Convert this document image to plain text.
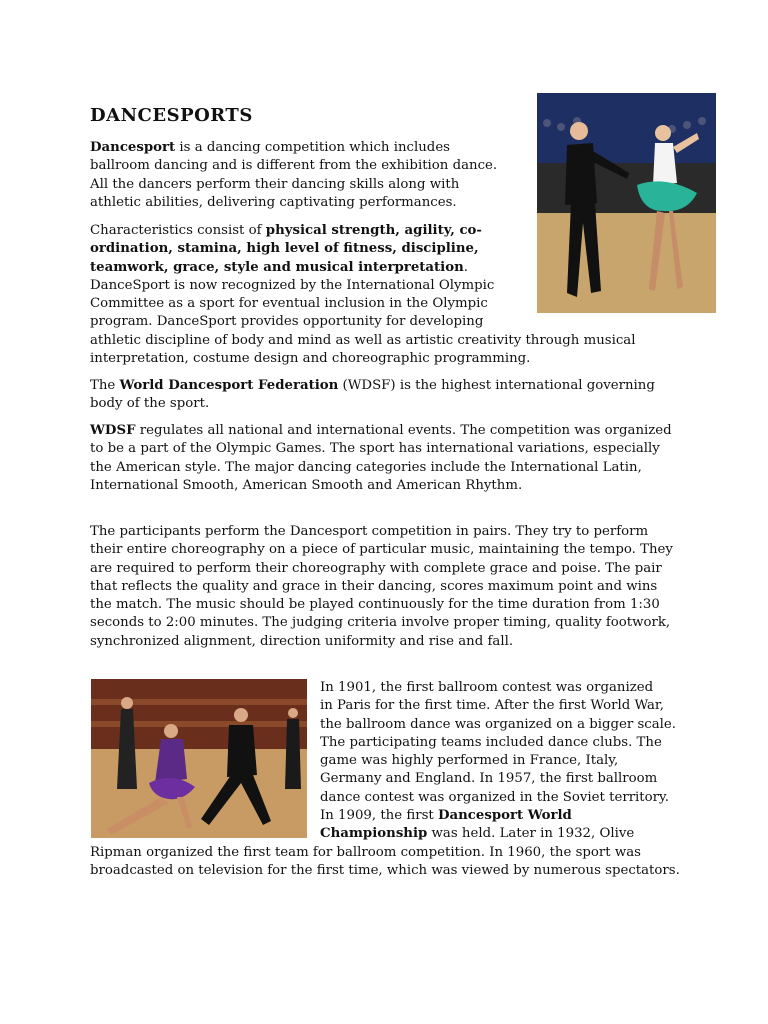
DANCESPORTS

Dancesport is a dancing competition which includes ballroom dancing and is different from the exhibition dance. All the dancers perform their dancing skills along with athletic abilities, delivering captivating performances.

Characteristics consist of physical strength, agility, co-ordination, stamina, high level of fitness, discipline, teamwork, grace, style and musical interpretation. DanceSport is now recognized by the International Olympic Committee as a sport for eventual inclusion in the Olympic program. DanceSport provides opportunity for developing athletic discipline of body and mind as well as artistic creativity through musical interpretation, costume design and choreographic programming.

The World Dancesport Federation (WDSF) is the highest international governing body of the sport.

WDSF regulates all national and international events. The competition was organized to be a part of the Olympic Games. The sport has international variations, especially the American style. The major dancing categories include the International Latin, International Smooth, American Smooth and American Rhythm.

The participants perform the Dancesport competition in pairs. They try to perform their entire choreography on a piece of particular music, maintaining the tempo. They are required to perform their choreography with complete grace and poise. The pair that reflects the quality and grace in their dancing, scores maximum point and wins the match. The music should be played continuously for the time duration from 1:30 seconds to 2:00 minutes. The judging criteria involve proper timing, quality footwork, synchronized alignment, direction uniformity and rise and fall.

In 1901, the first ballroom contest was organized in Paris for the first time. After the first World War, the ballroom dance was organized on a bigger scale. The participating teams included dance clubs. The game was highly performed in France, Italy, Germany and England. In 1957, the first ballroom dance contest was organized in the Soviet territory. In 1909, the first Dancesport World Championship was held. Later in 1932, Olive Ripman organized the first team for ballroom competition. In 1960, the sport was broadcasted on television for the first time, which was viewed by numerous spectators.
